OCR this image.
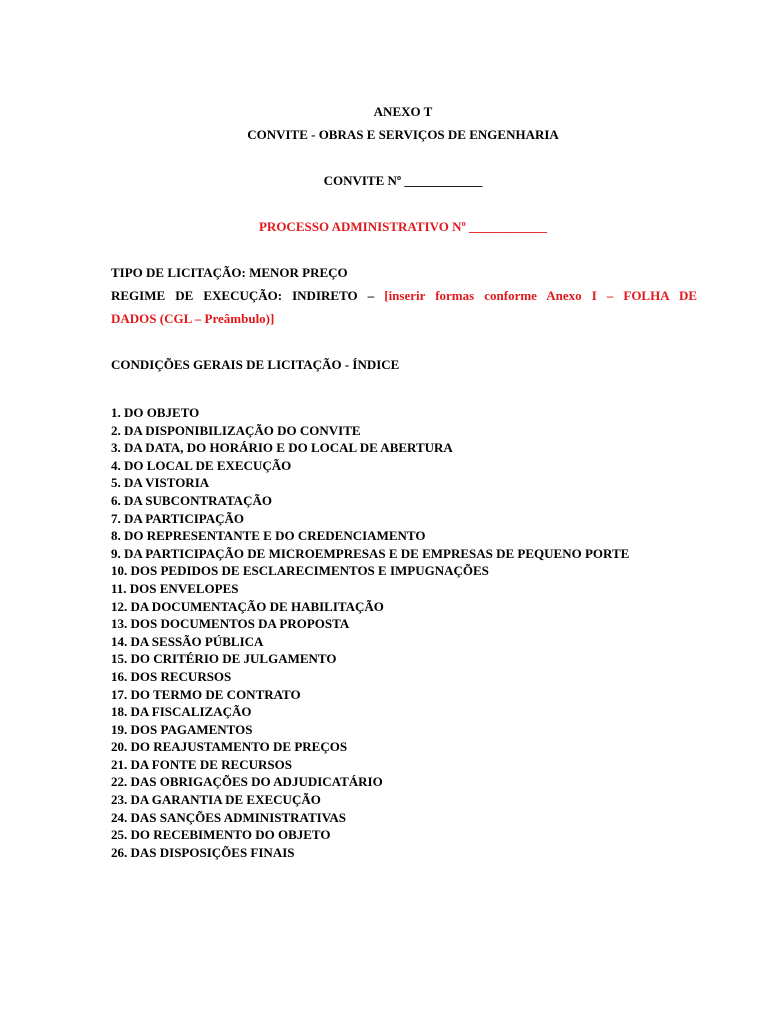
ANEXO T
CONVITE - OBRAS E SERVIÇOS DE ENGENHARIA
CONVITE Nº ____________
PROCESSO ADMINISTRATIVO Nº ____________
TIPO DE LICITAÇÃO: MENOR PREÇO
REGIME DE EXECUÇÃO: INDIRETO – [inserir formas conforme Anexo I – FOLHA DE
DADOS (CGL – Preâmbulo)]
CONDIÇÕES GERAIS DE LICITAÇÃO - ÍNDICE
1. DO OBJETO
2. DA DISPONIBILIZAÇÃO DO CONVITE
3. DA DATA, DO HORÁRIO E DO LOCAL DE ABERTURA
4. DO LOCAL DE EXECUÇÃO
5. DA VISTORIA
6. DA SUBCONTRATAÇÃO
7. DA PARTICIPAÇÃO
8. DO REPRESENTANTE E DO CREDENCIAMENTO
9. DA PARTICIPAÇÃO DE MICROEMPRESAS E DE EMPRESAS DE PEQUENO PORTE
10. DOS PEDIDOS DE ESCLARECIMENTOS E IMPUGNAÇÕES
11. DOS ENVELOPES
12. DA DOCUMENTAÇÃO DE HABILITAÇÃO
13. DOS DOCUMENTOS DA PROPOSTA
14. DA SESSÃO PÚBLICA
15. DO CRITÉRIO DE JULGAMENTO
16. DOS RECURSOS
17. DO TERMO DE CONTRATO
18. DA FISCALIZAÇÃO
19. DOS PAGAMENTOS
20. DO REAJUSTAMENTO DE PREÇOS
21. DA FONTE DE RECURSOS
22. DAS OBRIGAÇÕES DO ADJUDICATÁRIO
23. DA GARANTIA DE EXECUÇÃO
24. DAS SANÇÕES ADMINISTRATIVAS
25. DO RECEBIMENTO DO OBJETO
26. DAS DISPOSIÇÕES FINAIS
